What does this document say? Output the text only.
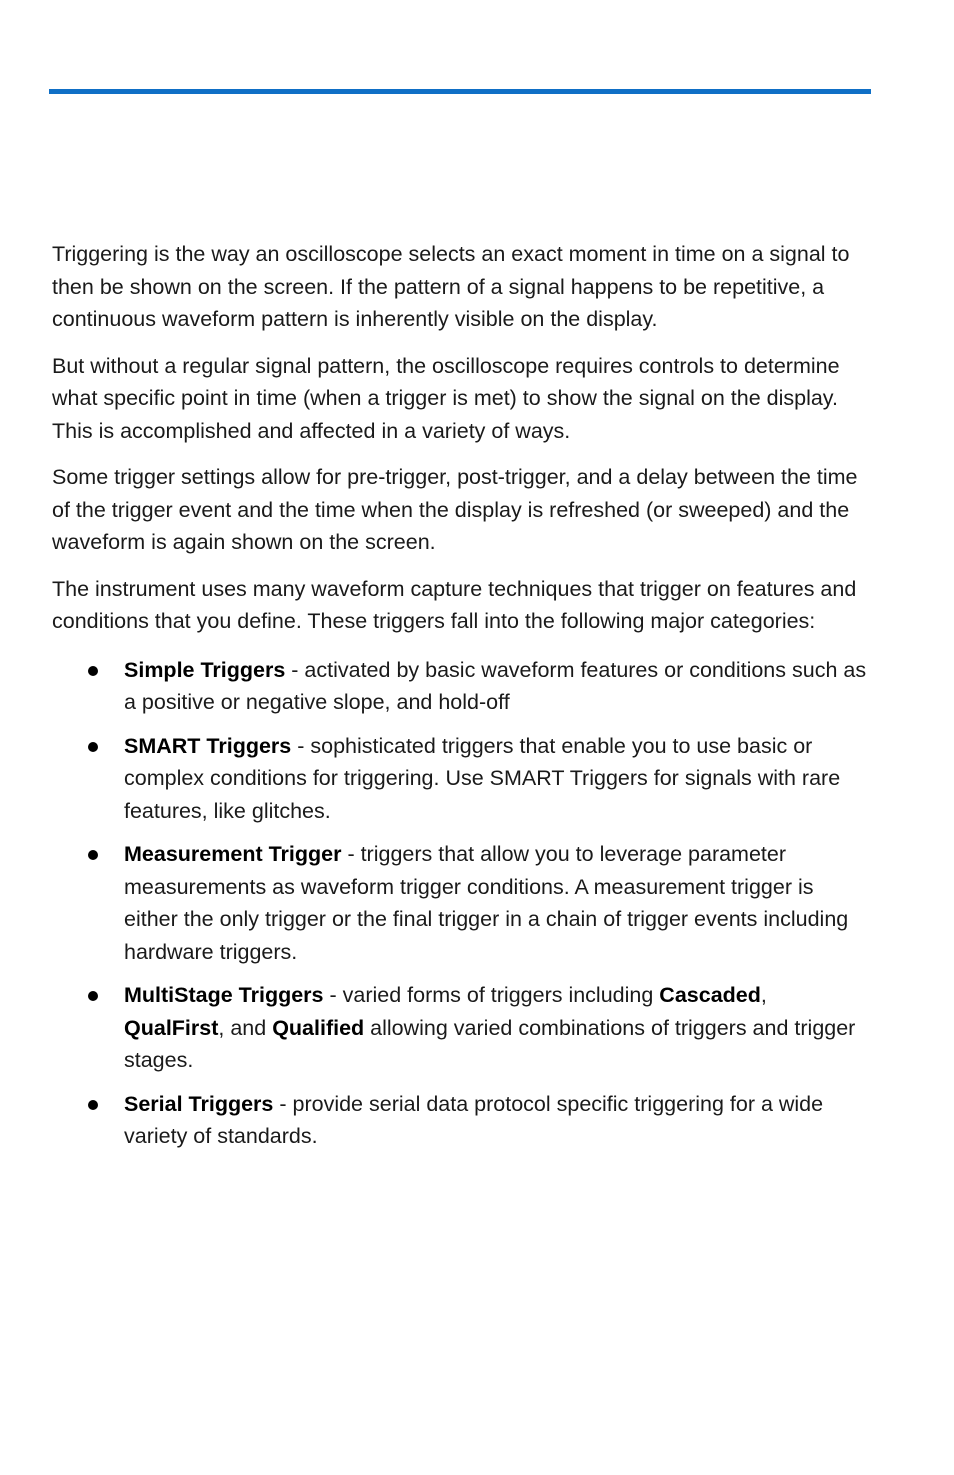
Triggering is the way an oscilloscope selects an exact moment in time on a signal to then be shown on the screen. If the pattern of a signal happens to be repetitive, a continuous waveform pattern is inherently visible on the display.

But without a regular signal pattern, the oscilloscope requires controls to determine what specific point in time (when a trigger is met) to show the signal on the display. This is accomplished and affected in a variety of ways.

Some trigger settings allow for pre-trigger, post-trigger, and a delay between the time of the trigger event and the time when the display is refreshed (or sweeped) and the waveform is again shown on the screen.

The instrument uses many waveform capture techniques that trigger on features and conditions that you define. These triggers fall into the following major categories:

Simple Triggers - activated by basic waveform features or conditions such as a positive or negative slope, and hold-off
SMART Triggers - sophisticated triggers that enable you to use basic or complex conditions for triggering. Use SMART Triggers for signals with rare features, like glitches.
Measurement Trigger - triggers that allow you to leverage parameter measurements as waveform trigger conditions. A measurement trigger is either the only trigger or the final trigger in a chain of trigger events including hardware triggers.
MultiStage Triggers - varied forms of triggers including Cascaded, QualFirst, and Qualified allowing varied combinations of triggers and trigger stages.
Serial Triggers - provide serial data protocol specific triggering for a wide variety of standards.
